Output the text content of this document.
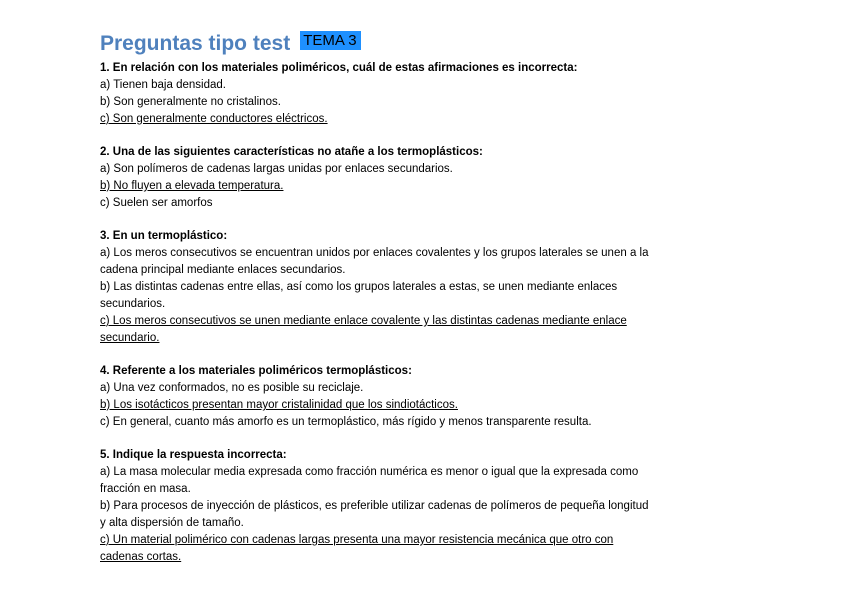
Preguntas tipo test TEMA 3
1. En relación con los materiales poliméricos, cuál de estas afirmaciones es incorrecta:
a) Tienen baja densidad.
b) Son generalmente no cristalinos.
c) Son generalmente conductores eléctricos.
2. Una de las siguientes características no atañe a los termoplásticos:
a) Son polímeros de cadenas largas unidas por enlaces secundarios.
b) No fluyen a elevada temperatura.
c) Suelen ser amorfos
3. En un termoplástico:
a) Los meros consecutivos se encuentran unidos por enlaces covalentes y los grupos laterales se unen a la
cadena principal mediante enlaces secundarios.
b) Las distintas cadenas entre ellas, así como los grupos laterales a estas, se unen mediante enlaces
secundarios.
c) Los meros consecutivos se unen mediante enlace covalente y las distintas cadenas mediante enlace
secundario.
4. Referente a los materiales poliméricos termoplásticos:
a) Una vez conformados, no es posible su reciclaje.
b) Los isotácticos presentan mayor cristalinidad que los sindiotácticos.
c) En general, cuanto más amorfo es un termoplástico, más rígido y menos transparente resulta.
5. Indique la respuesta incorrecta:
a) La masa molecular media expresada como fracción numérica es menor o igual que la expresada como
fracción en masa.
b) Para procesos de inyección de plásticos, es preferible utilizar cadenas de polímeros de pequeña longitud
y alta dispersión de tamaño.
c) Un material polimérico con cadenas largas presenta una mayor resistencia mecánica que otro con
cadenas cortas.
